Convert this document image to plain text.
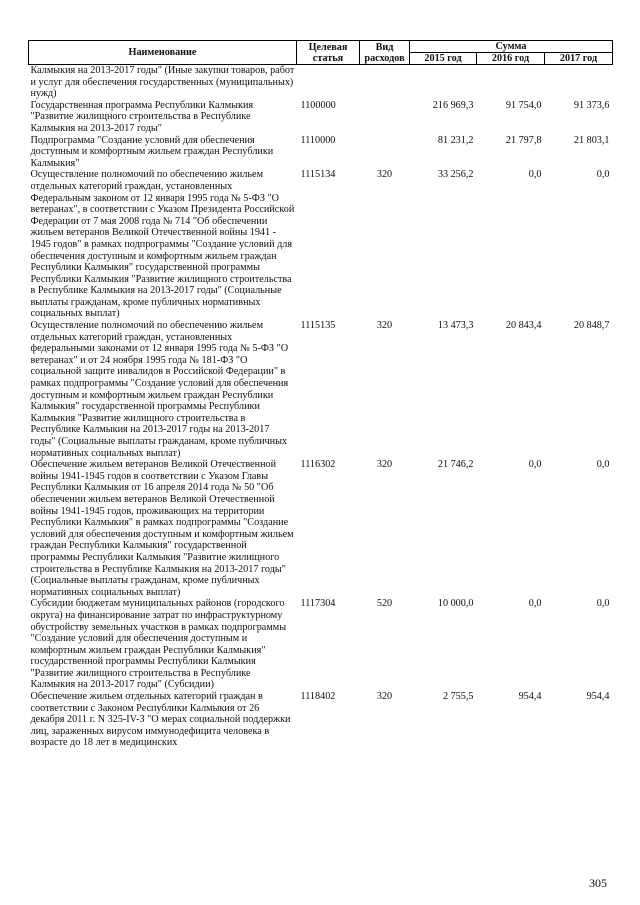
Наименование	Целевая статья	Вид расходов	Сумма		
			2015 год	2016 год	2017 год
Калмыкия на 2013-2017 годы" (Иные закупки товаров, работ и услуг для обеспечения государственных (муниципальных) нужд)					
Государственная программа Республики Калмыкия "Развитие жилищного строительства в Республике Калмыкия на 2013-2017 годы"	1100000		216 969,3	91 754,0	91 373,6
Подпрограмма "Создание условий для обеспечения доступным и комфортным жильем граждан Республики Калмыкия"	1110000		81 231,2	21 797,8	21 803,1
Осуществление полномочий по обеспечению жильем отдельных категорий граждан, установленных Федеральным законом от 12 января 1995 года № 5-ФЗ "О ветеранах", в соответствии с Указом Президента Российской Федерации от 7 мая 2008 года № 714 "Об обеспечении жильем ветеранов Великой Отечественной войны 1941 - 1945 годов" в рамках подпрограммы "Создание условий для обеспечения доступным и комфортным жильем граждан Республики Калмыкия" государственной программы Республики Калмыкия "Развитие жилищного строительства в Республике Калмыкия на 2013-2017 годы" (Социальные выплаты гражданам, кроме публичных нормативных социальных выплат)	1115134	320	33 256,2	0,0	0,0
Осуществление полномочий по обеспечению жильем отдельных категорий граждан, установленных федеральными законами от 12 января 1995 года № 5-ФЗ "О ветеранах" и от 24 ноября 1995 года № 181-ФЗ "О социальной защите инвалидов в Российской Федерации" в рамках подпрограммы "Создание условий для обеспечения доступным и комфортным жильем граждан Республики Калмыкия" государственной программы Республики Калмыкия "Развитие жилищного строительства в Республике Калмыкия на 2013-2017 годы на 2013-2017 годы" (Социальные выплаты гражданам, кроме публичных нормативных социальных выплат)	1115135	320	13 473,3	20 843,4	20 848,7
Обеспечение жильем ветеранов Великой Отечественной войны 1941-1945 годов в соответствии с Указом Главы Республики Калмыкия от 16 апреля 2014 года № 50 "Об обеспечении жильем ветеранов Великой Отечественной войны 1941-1945 годов, проживающих на территории Республики Калмыкия" в рамках подпрограммы "Создание условий для обеспечения доступным и комфортным жильем граждан Республики Калмыкия" государственной программы Республики Калмыкия "Развитие жилищного строительства в Республике Калмыкия на 2013-2017 годы" (Социальные выплаты гражданам, кроме публичных нормативных социальных выплат)	1116302	320	21 746,2	0,0	0,0
Субсидии бюджетам муниципальных районов (городского округа) на финансирование затрат по инфраструктурному обустройству земельных участков в рамках подпрограммы "Создание условий для обеспечения доступным и комфортным жильем граждан Республики Калмыкия" государственной программы Республики Калмыкия "Развитие жилищного строительства в Республике Калмыкия на 2013-2017 годы" (Субсидии)	1117304	520	10 000,0	0,0	0,0
Обеспечение жильем отдельных категорий граждан в соответствии с Законом Республики Калмыкия от 26 декабря 2011 г. N 325-IV-З "О мерах социальной поддержки лиц, зараженных вирусом иммунодефицита человека в возрасте до 18 лет в медицинских	1118402	320	2 755,5	954,4	954,4
305
